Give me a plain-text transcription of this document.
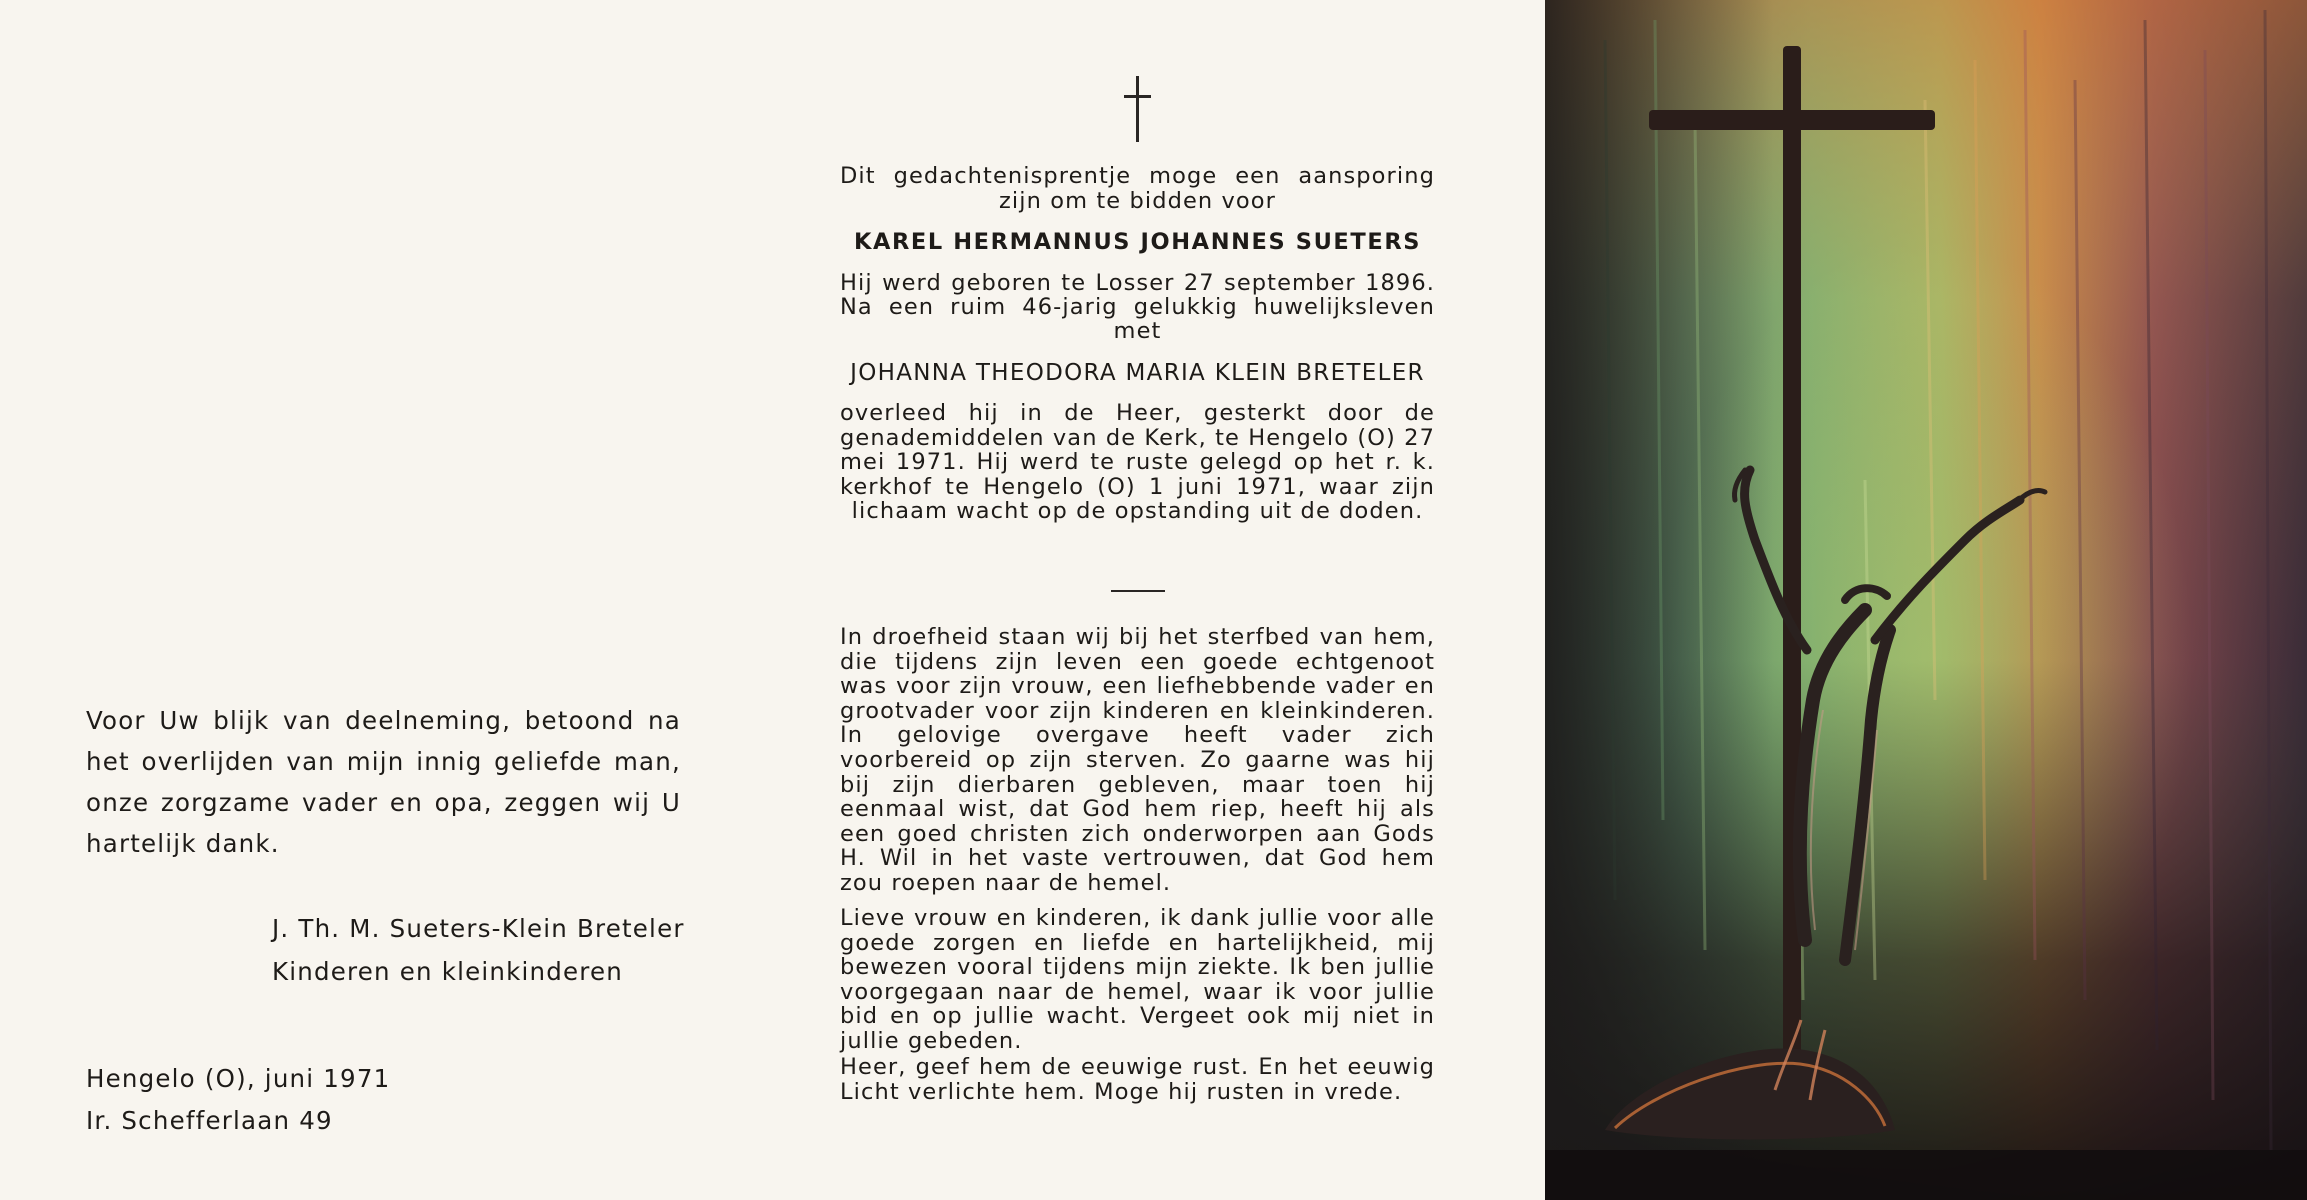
Voor Uw blijk van deelneming, betoond na het overlijden van mijn innig geliefde man, onze zorgzame vader en opa, zeggen wij U hartelijk dank.
J. Th. M. Sueters-Klein Breteler
Kinderen en kleinkinderen
Hengelo (O), juni 1971
Ir. Schefferlaan 49
Dit gedachtenisprentje moge een aansporing zijn om te bidden voor
KAREL HERMANNUS JOHANNES SUETERS
Hij werd geboren te Losser 27 september 1896. Na een ruim 46-jarig gelukkig huwelijksleven met
JOHANNA THEODORA MARIA KLEIN BRETELER
overleed hij in de Heer, gesterkt door de genademiddelen van de Kerk, te Hengelo (O) 27 mei 1971. Hij werd te ruste gelegd op het r. k. kerkhof te Hengelo (O) 1 juni 1971, waar zijn lichaam wacht op de opstanding uit de doden.
In droefheid staan wij bij het sterfbed van hem, die tijdens zijn leven een goede echtgenoot was voor zijn vrouw, een liefhebbende vader en grootvader voor zijn kinderen en kleinkinderen. In gelovige overgave heeft vader zich voorbereid op zijn sterven. Zo gaarne was hij bij zijn dierbaren gebleven, maar toen hij eenmaal wist, dat God hem riep, heeft hij als een goed christen zich onderworpen aan Gods H. Wil in het vaste vertrouwen, dat God hem zou roepen naar de hemel.
Lieve vrouw en kinderen, ik dank jullie voor alle goede zorgen en liefde en hartelijkheid, mij bewezen vooral tijdens mijn ziekte. Ik ben jullie voorgegaan naar de hemel, waar ik voor jullie bid en op jullie wacht. Vergeet ook mij niet in jullie gebeden.
Heer, geef hem de eeuwige rust. En het eeuwig Licht verlichte hem. Moge hij rusten in vrede.
